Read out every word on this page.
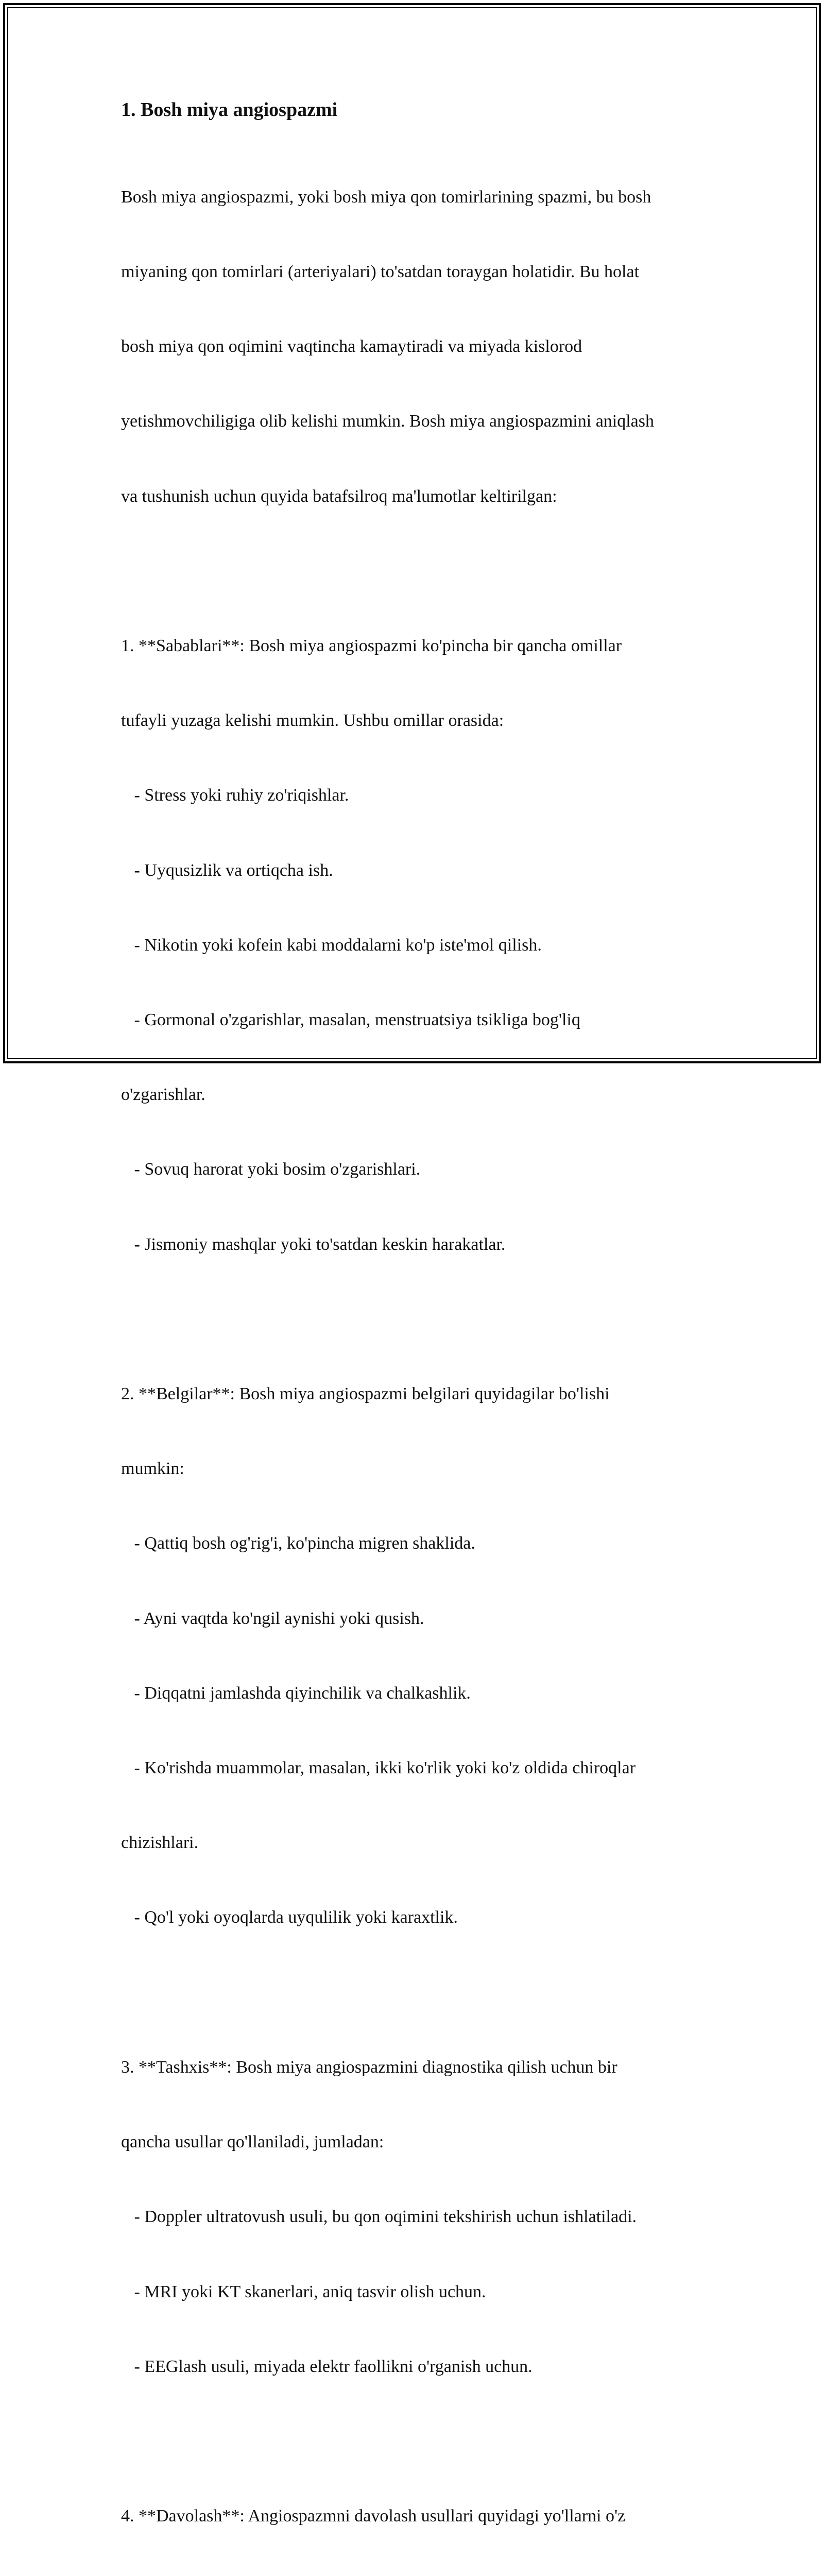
1. Bosh miya angiospazmi

Bosh miya angiospazmi, yoki bosh miya qon tomirlarining spazmi, bu bosh

miyaning qon tomirlari (arteriyalari) to'satdan toraygan holatidir. Bu holat

bosh miya qon oqimini vaqtincha kamaytiradi va miyada kislorod

yetishmovchiligiga olib kelishi mumkin. Bosh miya angiospazmini aniqlash

va tushunish uchun quyida batafsilroq ma'lumotlar keltirilgan:

1. **Sabablari**: Bosh miya angiospazmi ko'pincha bir qancha omillar

tufayli yuzaga kelishi mumkin. Ushbu omillar orasida:

- Stress yoki ruhiy zo'riqishlar.

- Uyqusizlik va ortiqcha ish.

- Nikotin yoki kofein kabi moddalarni ko'p iste'mol qilish.

- Gormonal o'zgarishlar, masalan, menstruatsiya tsikliga bog'liq

o'zgarishlar.

- Sovuq harorat yoki bosim o'zgarishlari.

- Jismoniy mashqlar yoki to'satdan keskin harakatlar.

2. **Belgilar**: Bosh miya angiospazmi belgilari quyidagilar bo'lishi

mumkin:

- Qattiq bosh og'rig'i, ko'pincha migren shaklida.

- Ayni vaqtda ko'ngil aynishi yoki qusish.

- Diqqatni jamlashda qiyinchilik va chalkashlik.

- Ko'rishda muammolar, masalan, ikki ko'rlik yoki ko'z oldida chiroqlar

chizishlari.

- Qo'l yoki oyoqlarda uyqulilik yoki karaxtlik.

3. **Tashxis**: Bosh miya angiospazmini diagnostika qilish uchun bir

qancha usullar qo'llaniladi, jumladan:

- Doppler ultratovush usuli, bu qon oqimini tekshirish uchun ishlatiladi.

- MRI yoki KT skanerlari, aniq tasvir olish uchun.

- EEGlash usuli, miyada elektr faollikni o'rganish uchun.

4. **Davolash**: Angiospazmni davolash usullari quyidagi yo'llarni o'z
